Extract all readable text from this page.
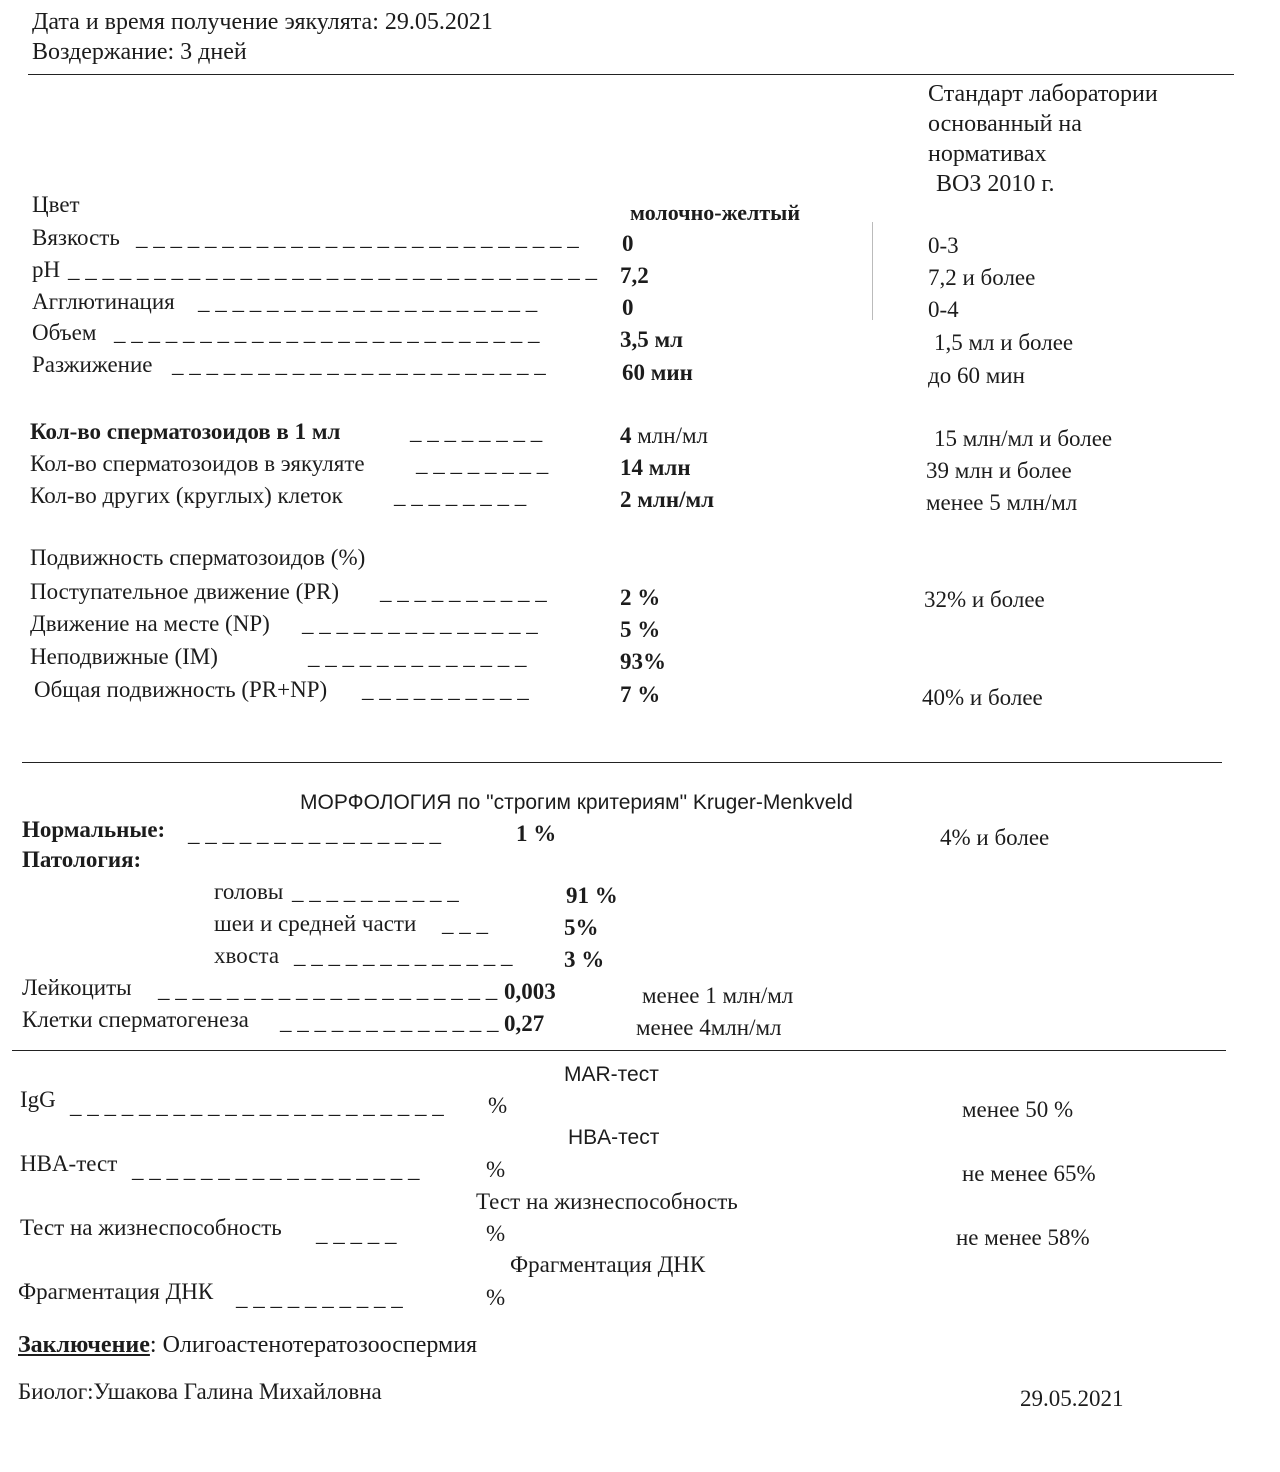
Дата и время получение эякулята: 29.05.2021
Воздержание: 3 дней
Стандарт лаборатории
основанный на
нормативах
ВОЗ 2010 г.
Цвет	молочно-желтый
Вязкость _ _ _ _ _ _ _ _ _ _ _ _ _ _ _ _ _ _ _ _ _ _ _ _ _ _ 0	0-3
pH _ _ _ _ _ _ _ _ _ _ _ _ _ _ _ _ _ _ _ _ _ _ _ _ _ _ _ _ _ _ _ 7,2	7,2 и более
Агглютинация _ _ _ _ _ _ _ _ _ _ _ _ _ _ _ _ _ _ _ _	0	0-4
Объем _ _ _ _ _ _ _ _ _ _ _ _ _ _ _ _ _ _ _ _ _ _ _ _ _	3,5 мл	1,5 мл и более
Разжижение _ _ _ _ _ _ _ _ _ _ _ _ _ _ _ _ _ _ _ _ _ _	60 мин	до 60 мин
Кол-во сперматозоидов в 1 мл	_ _ _ _ _ _ _ _	4 млн/мл	15 млн/мл и более
Кол-во сперматозоидов в эякуляте _ _ _ _ _ _ _ _	14 млн	39 млн и более
Кол-во других (круглых) клеток _ _ _ _ _ _ _ _	2 млн/мл	менее 5 млн/мл
Подвижность сперматозоидов (%)
Поступательное движение (PR) _ _ _ _ _ _ _ _ _ _	2 %	32% и более
Движение на месте (NP) _ _ _ _ _ _ _ _ _ _ _ _ _ _	5 %
Неподвижные (IM)	_ _ _ _ _ _ _ _ _ _ _ _ _	93%
Общая подвижность (PR+NP) _ _ _ _ _ _ _ _ _ _	7 %	40% и более
МОРФОЛОГИЯ по "строгим критериям" Kruger-Menkveld
Нормальные: _ _ _ _ _ _ _ _ _ _ _ _ _ _ _	1 %	4% и более
Патология:
головы _ _ _ _ _ _ _ _ _ _	91 %
шеи и средней части _ _ _	5%
хвоста _ _ _ _ _ _ _ _ _ _ _ _ _ 3 %
Лейкоциты _ _ _ _ _ _ _ _ _ _ _ _ _ _ _ _ _ _ _ _ 0,003	менее 1 млн/мл
Клетки сперматогенеза _ _ _ _ _ _ _ _ _ _ _ _ _ 0,27	менее 4млн/мл
MAR-тест
IgG _ _ _ _ _ _ _ _ _ _ _ _ _ _ _ _ _ _ _ _ _ _ %	менее 50 %
HBA-тест
HBA-тест _ _ _ _ _ _ _ _ _ _ _ _ _ _ _ _ _	%	не менее 65%
Тест на жизнеспособность
Тест на жизнеспособность _ _ _ _ _	%	не менее 58%
Фрагментация ДНК
Фрагментация ДНК _ _ _ _ _ _ _ _ _ _	%
Заключение: Олигоастенотератозооспермия
Биолог:Ушакова Галина Михайловна	29.05.2021
